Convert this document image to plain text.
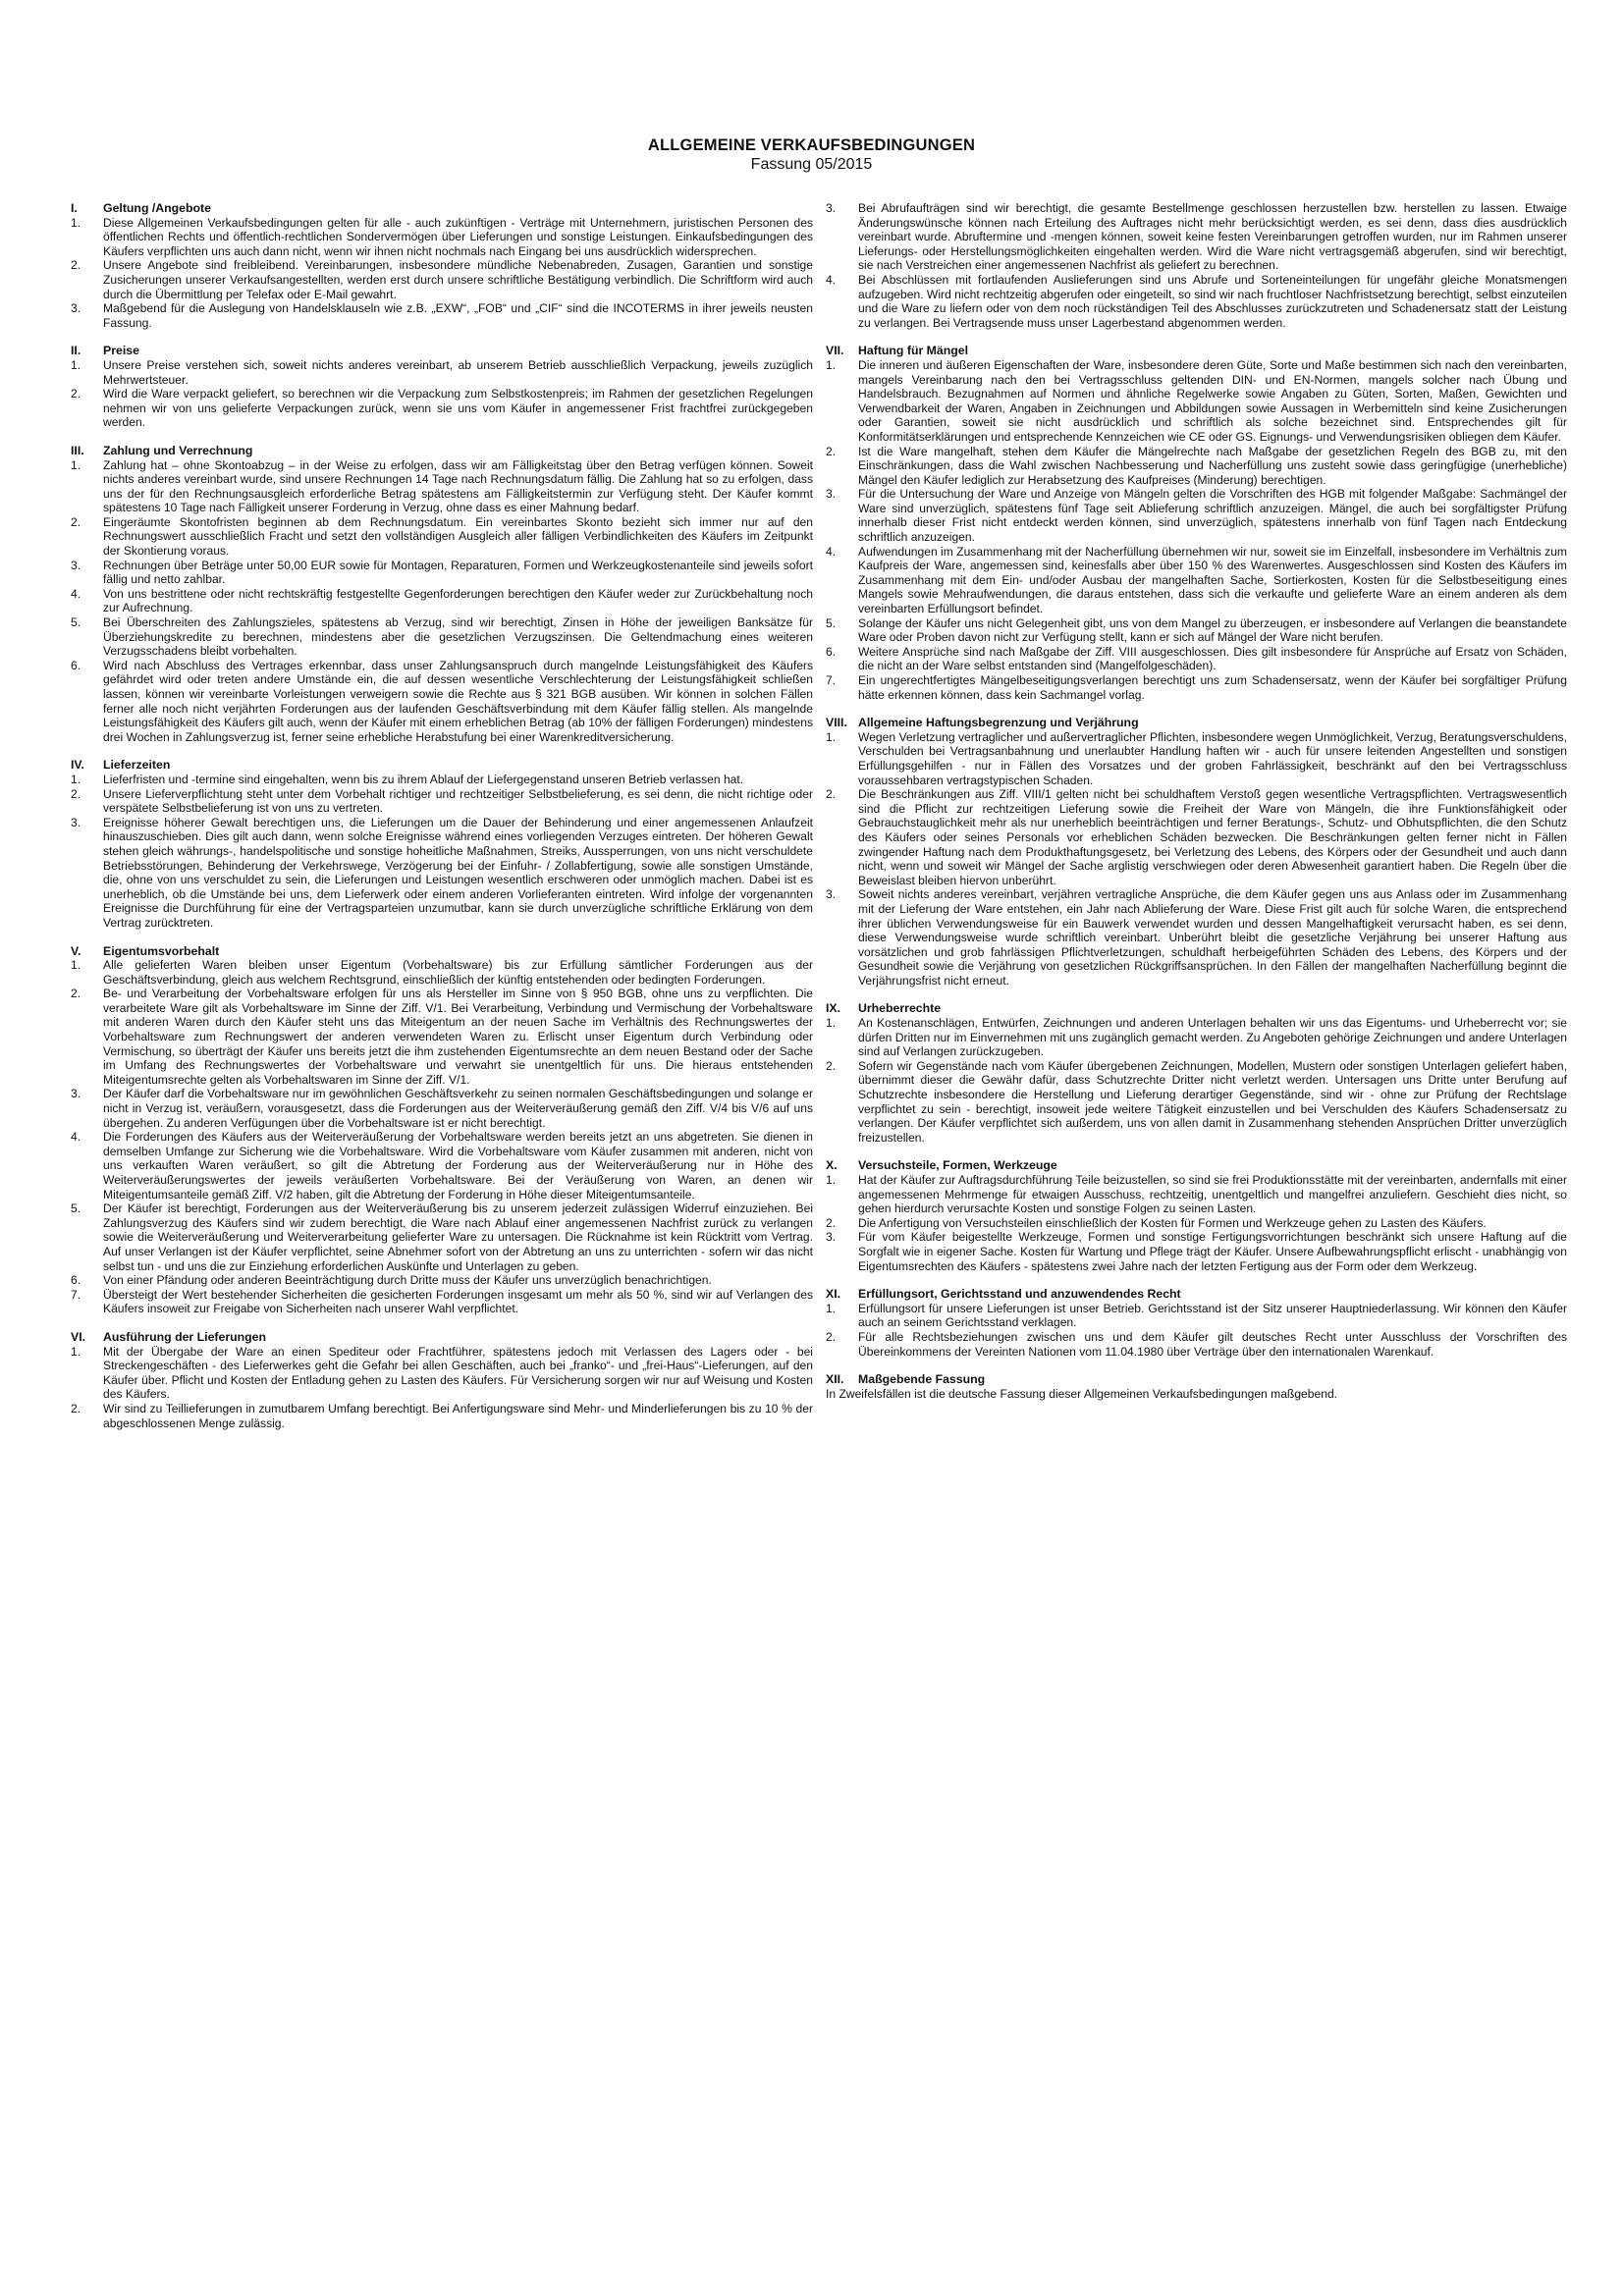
ALLGEMEINE VERKAUFSBEDINGUNGEN
Fassung 05/2015
I.	Geltung /Angebote
1.	Diese Allgemeinen Verkaufsbedingungen gelten für alle - auch zukünftigen - Verträge mit Unternehmern, juristischen Personen des öffentlichen Rechts und öffentlich-rechtlichen Sondervermögen über Lieferungen und sonstige Leistungen. Einkaufsbedingungen des Käufers verpflichten uns auch dann nicht, wenn wir ihnen nicht nochmals nach Eingang bei uns ausdrücklich widersprechen.
2.	Unsere Angebote sind freibleibend. Vereinbarungen, insbesondere mündliche Nebenabreden, Zusagen, Garantien und sonstige Zusicherungen unserer Verkaufsangestellten, werden erst durch unsere schriftliche Bestätigung verbindlich. Die Schriftform wird auch durch die Übermittlung per Telefax oder E-Mail gewahrt.
3.	Maßgebend für die Auslegung von Handelsklauseln wie z.B. „EXW“, „FOB“ und „CIF“ sind die INCOTERMS in ihrer jeweils neusten Fassung.
II.	Preise
1.	Unsere Preise verstehen sich, soweit nichts anderes vereinbart, ab unserem Betrieb ausschließlich Verpackung, jeweils zuzüglich Mehrwertsteuer.
2.	Wird die Ware verpackt geliefert, so berechnen wir die Verpackung zum Selbstkostenpreis; im Rahmen der gesetzlichen Regelungen nehmen wir von uns gelieferte Verpackungen zurück, wenn sie uns vom Käufer in angemessener Frist frachtfrei zurückgegeben werden.
III.	Zahlung und Verrechnung
1.	Zahlung hat – ohne Skontoabzug – in der Weise zu erfolgen, dass wir am Fälligkeitstag über den Betrag verfügen können. Soweit nichts anderes vereinbart wurde, sind unsere Rechnungen 14 Tage nach Rechnungsdatum fällig. Die Zahlung hat so zu erfolgen, dass uns der für den Rechnungsausgleich erforderliche Betrag spätestens am Fälligkeitstermin zur Verfügung steht. Der Käufer kommt spätestens 10 Tage nach Fälligkeit unserer Forderung in Verzug, ohne dass es einer Mahnung bedarf.
2.	Eingeräumte Skontofristen beginnen ab dem Rechnungsdatum. Ein vereinbartes Skonto bezieht sich immer nur auf den Rechnungswert ausschließlich Fracht und setzt den vollständigen Ausgleich aller fälligen Verbindlichkeiten des Käufers im Zeitpunkt der Skontierung voraus.
3.	Rechnungen über Beträge unter 50,00 EUR sowie für Montagen, Reparaturen, Formen und Werkzeugkostenanteile sind jeweils sofort fällig und netto zahlbar.
4.	Von uns bestrittene oder nicht rechtskräftig festgestellte Gegenforderungen berechtigen den Käufer weder zur Zurückbehaltung noch zur Aufrechnung.
5.	Bei Überschreiten des Zahlungszieles, spätestens ab Verzug, sind wir berechtigt, Zinsen in Höhe der jeweiligen Banksätze für Überziehungskredite zu berechnen, mindestens aber die gesetzlichen Verzugszinsen. Die Geltendmachung eines weiteren Verzugsschadens bleibt vorbehalten.
6.	Wird nach Abschluss des Vertrages erkennbar, dass unser Zahlungsanspruch durch mangelnde Leistungsfähigkeit des Käufers gefährdet wird oder treten andere Umstände ein, die auf dessen wesentliche Verschlechterung der Leistungsfähigkeit schließen lassen, können wir vereinbarte Vorleistungen verweigern sowie die Rechte aus § 321 BGB ausüben. Wir können in solchen Fällen ferner alle noch nicht verjährten Forderungen aus der laufenden Geschäftsverbindung mit dem Käufer fällig stellen. Als mangelnde Leistungsfähigkeit des Käufers gilt auch, wenn der Käufer mit einem erheblichen Betrag (ab 10% der fälligen Forderungen) mindestens drei Wochen in Zahlungsverzug ist, ferner seine erhebliche Herabstufung bei einer Warenkreditversicherung.
IV.	Lieferzeiten
1.	Lieferfristen und -termine sind eingehalten, wenn bis zu ihrem Ablauf der Liefergegenstand unseren Betrieb verlassen hat.
2.	Unsere Lieferverpflichtung steht unter dem Vorbehalt richtiger und rechtzeitiger Selbstbelieferung, es sei denn, die nicht richtige oder verspätete Selbstbelieferung ist von uns zu vertreten.
3.	Ereignisse höherer Gewalt berechtigen uns, die Lieferungen um die Dauer der Behinderung und einer angemessenen Anlaufzeit hinauszuschieben. Dies gilt auch dann, wenn solche Ereignisse während eines vorliegenden Verzuges eintreten. Der höheren Gewalt stehen gleich währungs-, handelspolitische und sonstige hoheitliche Maßnahmen, Streiks, Aussperrungen, von uns nicht verschuldete Betriebsstörungen, Behinderung der Verkehrswege, Verzögerung bei der Einfuhr- / Zollabfertigung, sowie alle sonstigen Umstände, die, ohne von uns verschuldet zu sein, die Lieferungen und Leistungen wesentlich erschweren oder unmöglich machen. Dabei ist es unerheblich, ob die Umstände bei uns, dem Lieferwerk oder einem anderen Vorlieferanten eintreten. Wird infolge der vorgenannten Ereignisse die Durchführung für eine der Vertragsparteien unzumutbar, kann sie durch unverzügliche schriftliche Erklärung von dem Vertrag zurücktreten.
V.	Eigentumsvorbehalt
1.	Alle gelieferten Waren bleiben unser Eigentum (Vorbehaltsware) bis zur Erfüllung sämtlicher Forderungen aus der Geschäftsverbindung, gleich aus welchem Rechtsgrund, einschließlich der künftig entstehenden oder bedingten Forderungen.
2.	Be- und Verarbeitung der Vorbehaltsware erfolgen für uns als Hersteller im Sinne von § 950 BGB, ohne uns zu verpflichten. Die verarbeitete Ware gilt als Vorbehaltsware im Sinne der Ziff. V/1. Bei Verarbeitung, Verbindung und Vermischung der Vorbehaltsware mit anderen Waren durch den Käufer steht uns das Miteigentum an der neuen Sache im Verhältnis des Rechnungswertes der Vorbehaltsware zum Rechnungswert der anderen verwendeten Waren zu. Erlischt unser Eigentum durch Verbindung oder Vermischung, so überträgt der Käufer uns bereits jetzt die ihm zustehenden Eigentumsrechte an dem neuen Bestand oder der Sache im Umfang des Rechnungswertes der Vorbehaltsware und verwahrt sie unentgeltlich für uns. Die hieraus entstehenden Miteigentumsrechte gelten als Vorbehaltswaren im Sinne der Ziff. V/1.
3.	Der Käufer darf die Vorbehaltsware nur im gewöhnlichen Geschäftsverkehr zu seinen normalen Geschäftsbedingungen und solange er nicht in Verzug ist, veräußern, vorausgesetzt, dass die Forderungen aus der Weiterveräußerung gemäß den Ziff. V/4 bis V/6 auf uns übergehen. Zu anderen Verfügungen über die Vorbehaltsware ist er nicht berechtigt.
4.	Die Forderungen des Käufers aus der Weiterveräußerung der Vorbehaltsware werden bereits jetzt an uns abgetreten. Sie dienen in demselben Umfange zur Sicherung wie die Vorbehaltsware. Wird die Vorbehaltsware vom Käufer zusammen mit anderen, nicht von uns verkauften Waren veräußert, so gilt die Abtretung der Forderung aus der Weiterveräußerung nur in Höhe des Weiterveräußerungswertes der jeweils veräußerten Vorbehaltsware. Bei der Veräußerung von Waren, an denen wir Miteigentumsanteile gemäß Ziff. V/2 haben, gilt die Abtretung der Forderung in Höhe dieser Miteigentumsanteile.
5.	Der Käufer ist berechtigt, Forderungen aus der Weiterveräußerung bis zu unserem jederzeit zulässigen Widerruf einzuziehen. Bei Zahlungsverzug des Käufers sind wir zudem berechtigt, die Ware nach Ablauf einer angemessenen Nachfrist zurück zu verlangen sowie die Weiterveräußerung und Weiterverarbeitung gelieferter Ware zu untersagen. Die Rücknahme ist kein Rücktritt vom Vertrag. Auf unser Verlangen ist der Käufer verpflichtet, seine Abnehmer sofort von der Abtretung an uns zu unterrichten - sofern wir das nicht selbst tun - und uns die zur Einziehung erforderlichen Auskünfte und Unterlagen zu geben.
6.	Von einer Pfändung oder anderen Beeinträchtigung durch Dritte muss der Käufer uns unverzüglich benachrichtigen.
7.	Übersteigt der Wert bestehender Sicherheiten die gesicherten Forderungen insgesamt um mehr als 50 %, sind wir auf Verlangen des Käufers insoweit zur Freigabe von Sicherheiten nach unserer Wahl verpflichtet.
VI.	Ausführung der Lieferungen
1.	Mit der Übergabe der Ware an einen Spediteur oder Frachtführer, spätestens jedoch mit Verlassen des Lagers oder - bei Streckengeschäften - des Lieferwerkes geht die Gefahr bei allen Geschäften, auch bei „franko“- und „frei-Haus“-Lieferungen, auf den Käufer über. Pflicht und Kosten der Entladung gehen zu Lasten des Käufers. Für Versicherung sorgen wir nur auf Weisung und Kosten des Käufers.
2.	Wir sind zu Teillieferungen in zumutbarem Umfang berechtigt. Bei Anfertigungsware sind Mehr- und Minderlieferungen bis zu 10 % der abgeschlossenen Menge zulässig.
3.	Bei Abrufaufträgen sind wir berechtigt, die gesamte Bestellmenge geschlossen herzustellen bzw. herstellen zu lassen. Etwaige Änderungswünsche können nach Erteilung des Auftrages nicht mehr berücksichtigt werden, es sei denn, dass dies ausdrücklich vereinbart wurde. Abruftermine und -mengen können, soweit keine festen Vereinbarungen getroffen wurden, nur im Rahmen unserer Lieferungs- oder Herstellungsmöglichkeiten eingehalten werden. Wird die Ware nicht vertragsgemäß abgerufen, sind wir berechtigt, sie nach Verstreichen einer angemessenen Nachfrist als geliefert zu berechnen.
4.	Bei Abschlüssen mit fortlaufenden Auslieferungen sind uns Abrufe und Sorteneinteilungen für ungefähr gleiche Monatsmengen aufzugeben. Wird nicht rechtzeitig abgerufen oder eingeteilt, so sind wir nach fruchtloser Nachfristsetzung berechtigt, selbst einzuteilen und die Ware zu liefern oder von dem noch rückständigen Teil des Abschlusses zurückzutreten und Schadenersatz statt der Leistung zu verlangen. Bei Vertragsende muss unser Lagerbestand abgenommen werden.
VII.	Haftung für Mängel
1.	Die inneren und äußeren Eigenschaften der Ware, insbesondere deren Güte, Sorte und Maße bestimmen sich nach den vereinbarten, mangels Vereinbarung nach den bei Vertragsschluss geltenden DIN- und EN-Normen, mangels solcher nach Übung und Handelsbrauch. Bezugnahmen auf Normen und ähnliche Regelwerke sowie Angaben zu Güten, Sorten, Maßen, Gewichten und Verwendbarkeit der Waren, Angaben in Zeichnungen und Abbildungen sowie Aussagen in Werbemitteln sind keine Zusicherungen oder Garantien, soweit sie nicht ausdrücklich und schriftlich als solche bezeichnet sind. Entsprechendes gilt für Konformitätserklärungen und entsprechende Kennzeichen wie CE oder GS. Eignungs- und Verwendungsrisiken obliegen dem Käufer.
2.	Ist die Ware mangelhaft, stehen dem Käufer die Mängelrechte nach Maßgabe der gesetzlichen Regeln des BGB zu, mit den Einschränkungen, dass die Wahl zwischen Nachbesserung und Nacherfüllung uns zusteht sowie dass geringfügige (unerhebliche) Mängel den Käufer lediglich zur Herabsetzung des Kaufpreises (Minderung) berechtigen.
3.	Für die Untersuchung der Ware und Anzeige von Mängeln gelten die Vorschriften des HGB mit folgender Maßgabe: Sachmängel der Ware sind unverzüglich, spätestens fünf Tage seit Ablieferung schriftlich anzuzeigen. Mängel, die auch bei sorgfältigster Prüfung innerhalb dieser Frist nicht entdeckt werden können, sind unverzüglich, spätestens innerhalb von fünf Tagen nach Entdeckung schriftlich anzuzeigen.
4.	Aufwendungen im Zusammenhang mit der Nacherfüllung übernehmen wir nur, soweit sie im Einzelfall, insbesondere im Verhältnis zum Kaufpreis der Ware, angemessen sind, keinesfalls aber über 150 % des Warenwertes. Ausgeschlossen sind Kosten des Käufers im Zusammenhang mit dem Ein- und/oder Ausbau der mangelhaften Sache, Sortierkosten, Kosten für die Selbstbeseitigung eines Mangels sowie Mehraufwendungen, die daraus entstehen, dass sich die verkaufte und gelieferte Ware an einem anderen als dem vereinbarten Erfüllungsort befindet.
5.	Solange der Käufer uns nicht Gelegenheit gibt, uns von dem Mangel zu überzeugen, er insbesondere auf Verlangen die beanstandete Ware oder Proben davon nicht zur Verfügung stellt, kann er sich auf Mängel der Ware nicht berufen.
6.	Weitere Ansprüche sind nach Maßgabe der Ziff. VIII ausgeschlossen. Dies gilt insbesondere für Ansprüche auf Ersatz von Schäden, die nicht an der Ware selbst entstanden sind (Mangelfolgeschäden).
7.	Ein ungerechtfertigtes Mängelbeseitigungsverlangen berechtigt uns zum Schadensersatz, wenn der Käufer bei sorgfältiger Prüfung hätte erkennen können, dass kein Sachmangel vorlag.
VIII. Allgemeine Haftungsbegrenzung und Verjährung
1.	Wegen Verletzung vertraglicher und außervertraglicher Pflichten, insbesondere wegen Unmöglichkeit, Verzug, Beratungsverschuldens, Verschulden bei Vertragsanbahnung und unerlaubter Handlung haften wir - auch für unsere leitenden Angestellten und sonstigen Erfüllungsgehilfen - nur in Fällen des Vorsatzes und der groben Fahrlässigkeit, beschränkt auf den bei Vertragsschluss voraussehbaren vertragstypischen Schaden.
2.	Die Beschränkungen aus Ziff. VIII/1 gelten nicht bei schuldhaftem Verstoß gegen wesentliche Vertragspflichten. Vertragswesentlich sind die Pflicht zur rechtzeitigen Lieferung sowie die Freiheit der Ware von Mängeln, die ihre Funktionsfähigkeit oder Gebrauchstauglichkeit mehr als nur unerheblich beeinträchtigen und ferner Beratungs-, Schutz- und Obhutspflichten, die den Schutz des Käufers oder seines Personals vor erheblichen Schäden bezwecken. Die Beschränkungen gelten ferner nicht in Fällen zwingender Haftung nach dem Produkthaftungsgesetz, bei Verletzung des Lebens, des Körpers oder der Gesundheit und auch dann nicht, wenn und soweit wir Mängel der Sache arglistig verschwiegen oder deren Abwesenheit garantiert haben. Die Regeln über die Beweislast bleiben hiervon unberührt.
3.	Soweit nichts anderes vereinbart, verjähren vertragliche Ansprüche, die dem Käufer gegen uns aus Anlass oder im Zusammenhang mit der Lieferung der Ware entstehen, ein Jahr nach Ablieferung der Ware. Diese Frist gilt auch für solche Waren, die entsprechend ihrer üblichen Verwendungsweise für ein Bauwerk verwendet wurden und dessen Mangelhaftigkeit verursacht haben, es sei denn, diese Verwendungsweise wurde schriftlich vereinbart. Unberührt bleibt die gesetzliche Verjährung bei unserer Haftung aus vorsätzlichen und grob fahrlässigen Pflichtverletzungen, schuldhaft herbeigeführten Schäden des Lebens, des Körpers und der Gesundheit sowie die Verjährung von gesetzlichen Rückgriffsansprüchen. In den Fällen der mangelhaften Nacherfüllung beginnt die Verjährungsfrist nicht erneut.
IX.	Urheberrechte
1.	An Kostenanschlägen, Entwürfen, Zeichnungen und anderen Unterlagen behalten wir uns das Eigentums- und Urheberrecht vor; sie dürfen Dritten nur im Einvernehmen mit uns zugänglich gemacht werden. Zu Angeboten gehörige Zeichnungen und andere Unterlagen sind auf Verlangen zurückzugeben.
2.	Sofern wir Gegenstände nach vom Käufer übergebenen Zeichnungen, Modellen, Mustern oder sonstigen Unterlagen geliefert haben, übernimmt dieser die Gewähr dafür, dass Schutzrechte Dritter nicht verletzt werden. Untersagen uns Dritte unter Berufung auf Schutzrechte insbesondere die Herstellung und Lieferung derartiger Gegenstände, sind wir - ohne zur Prüfung der Rechtslage verpflichtet zu sein - berechtigt, insoweit jede weitere Tätigkeit einzustellen und bei Verschulden des Käufers Schadensersatz zu verlangen. Der Käufer verpflichtet sich außerdem, uns von allen damit in Zusammenhang stehenden Ansprüchen Dritter unverzüglich freizustellen.
X.	Versuchsteile, Formen, Werkzeuge
1.	Hat der Käufer zur Auftragsdurchführung Teile beizustellen, so sind sie frei Produktionsstätte mit der vereinbarten, andernfalls mit einer angemessenen Mehrmenge für etwaigen Ausschuss, rechtzeitig, unentgeltlich und mangelfrei anzuliefern. Geschieht dies nicht, so gehen hierdurch verursachte Kosten und sonstige Folgen zu seinen Lasten.
2.	Die Anfertigung von Versuchsteilen einschließlich der Kosten für Formen und Werkzeuge gehen zu Lasten des Käufers.
3.	Für vom Käufer beigestellte Werkzeuge, Formen und sonstige Fertigungsvorrichtungen beschränkt sich unsere Haftung auf die Sorgfalt wie in eigener Sache. Kosten für Wartung und Pflege trägt der Käufer. Unsere Aufbewahrungspflicht erlischt - unabhängig von Eigentumsrechten des Käufers - spätestens zwei Jahre nach der letzten Fertigung aus der Form oder dem Werkzeug.
XI.	Erfüllungsort, Gerichtsstand und anzuwendendes Recht
1.	Erfüllungsort für unsere Lieferungen ist unser Betrieb. Gerichtsstand ist der Sitz unserer Hauptniederlassung. Wir können den Käufer auch an seinem Gerichtsstand verklagen.
2.	Für alle Rechtsbeziehungen zwischen uns und dem Käufer gilt deutsches Recht unter Ausschluss der Vorschriften des Übereinkommens der Vereinten Nationen vom 11.04.1980 über Verträge über den internationalen Warenkauf.
XII.	Maßgebende Fassung

In Zweifelsfällen ist die deutsche Fassung dieser Allgemeinen Verkaufsbedingungen maßgebend.
